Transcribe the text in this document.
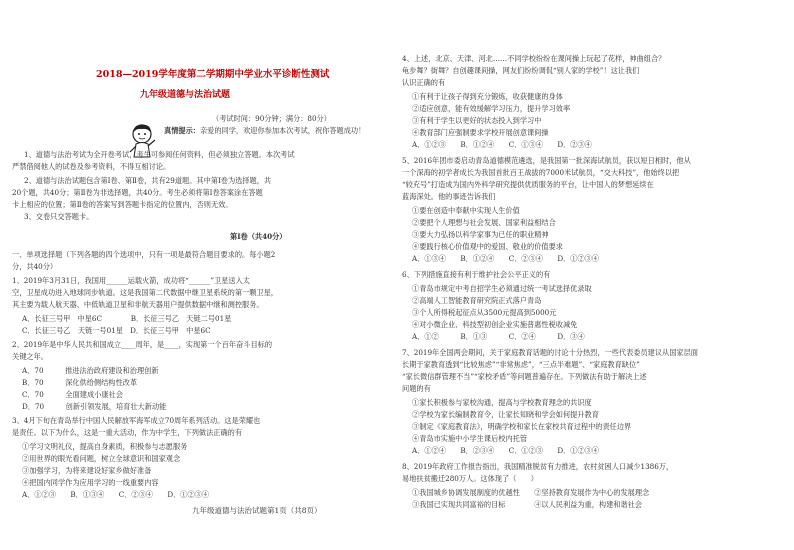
2018—2019学年度第二学期期中学业水平诊断性测试
九年级道德与法治试题
（考试时间：90分钟；满分：80分）
真情提示：亲爱的同学，欢迎你参加本次考试，祝你答题成功！
1、道德与法治考试为全开卷考试，考生可参阅任何资料，但必须独立答题。本次考试
严禁借阅他人的试卷及参考资料，不得互相讨论。
2、道德与法治试题包含第Ⅰ卷、第Ⅱ卷，共有29道题。其中第Ⅰ卷为选择题，共
20个题，共40分；第Ⅱ卷为非选择题，共40分。考生必须将第Ⅰ卷答案涂在答题
卡上相应的位置；第Ⅱ卷的答案写到答题卡指定的位置内，否则无效。
3、交卷只交答题卡。
第Ⅰ卷（共40分）
一、单项选择题（下列各题的四个选项中，只有一项是最符合题目要求的。每小题2
分，共40分）
1、2019年3月31日，我国用______运载火箭，成功将“______”卫星送入太
空，卫星成功进入地球同步轨道。这是我国第二代数据中继卫星系统的第一颗卫星，
其主要为载人航天器、中低轨道卫星和非航天器用户提供数据中继和测控服务。
A．长征三号甲　中星6C　　　　B．长征三号乙　天链二号01星
C．长征三号乙　天链一号01星　D．长征三号甲　中星6C
2、2019年是中华人民共和国成立____周年，是____，实现第一个百年奋斗目标的
关键之年。
A．70　　　推进法治政府建设和治理创新
B．70　　　深化供给侧结构性改革
C．70　　　全面建成小康社会
D．70　　　创新引领发展，培育壮大新动能
3、4月下旬在青岛举行中国人民解放军海军成立70周年系列活动。这是荣耀也
是责任。以下为什么，这是一重大活动，作为中学生，下列做法正确的有
①学习文明礼仪，提高自身素质，积极参与志愿服务
②用世界的眼光看问题，树立全球意识和国家观念
③加强学习，为将来建设好家乡做好准备
④把国内同学作为应用学习的一线重要内容
A．①②③　　B．①③④　　C．②③④　　D．①②③④
九年级道德与法治试题第1页（共8页）
4、上述，北京、天津、河北……不同学校纷纷在课间操上玩起了花样，神曲组合？
龟步舞？街舞？自创趣课间操，网友们纷纷调侃“别人家的学校”！这让我们
认识正确的有
①有利于让孩子得到充分锻炼，收获健康的身体
②适应创意，能有效缓解学习压力，提升学习效率
③有利于学生以更好的状态投入到学习中
④教育部门应强制要求学校开展创意课间操
A．①②③　　B．①②④　　C．①③④　　D．②③④
5、2016年团市委启动青岛道德模范遴选，是我国第一批深海试航员，获以短日相时，他从
一个深海的初学者成长为我国首批百王战拔的7000米试航员，“交大科技”，他始终以把
“较充号”打造成为国内外科学研究提供优质服务的平台，让中国人的梦想延续在
蓝海深处。他的事迹告诉我们
①要在创造中奉献中实现人生价值
②要把个人理想与社会发展、国家利益相结合
③要大力弘扬以科学家事为已任的职业精神
④要践行核心价值观中的爱国、敬业的价值要求
A．①③④　　B．①②④　　C．②③④　　D．①②③④
6、下列措施直接有利于维护社会公平正义的有
①青岛市规定中考自招学生必须通过统一考试选择优录取
②高端人工智能教育研究院正式落户青岛
③个人所得税起征点从3500元提高到5000元
④对小微企业、科技型初创企业实施普惠性税收减免
A．①②　　　B．①③　　　C．②④　　　D．③④
7、2019年全国两会期间，关于家庭教育话题的讨论十分热烈，一些代表委员建议从国家层面
长期于家教育透到“比较焦虑”“非常焦虑”，“三点半难题”、“家庭教育缺位”
“家长微信群管理不当”“家校矛盾”等问题普遍存在。下列做法有助于解决上述
问题的有
①家长积极参与家校沟通，提高与学校教育理念的共识度
②学校为家长编制教育令，让家长知晓和学会如何提升教育
③制定《家庭教育法》，明确学校和家长在家校共育过程中的责任边界
④青岛市实施中小学生课后校内托管
A．①②④　　B．②③④　　C．①②③　　D．①②③④
8、2019年政府工作报告指出，我国精准脱贫有力推进，农村贫困人口减少1386万，
易地扶贫搬迁280万人。这体现了（　　）
①我国城乡协调发展制度的优越性　　②坚持教育发展作为中心的发展理念
③我国已实现共同富裕的目标　　　　④以人民利益为重，构建和谐社会
